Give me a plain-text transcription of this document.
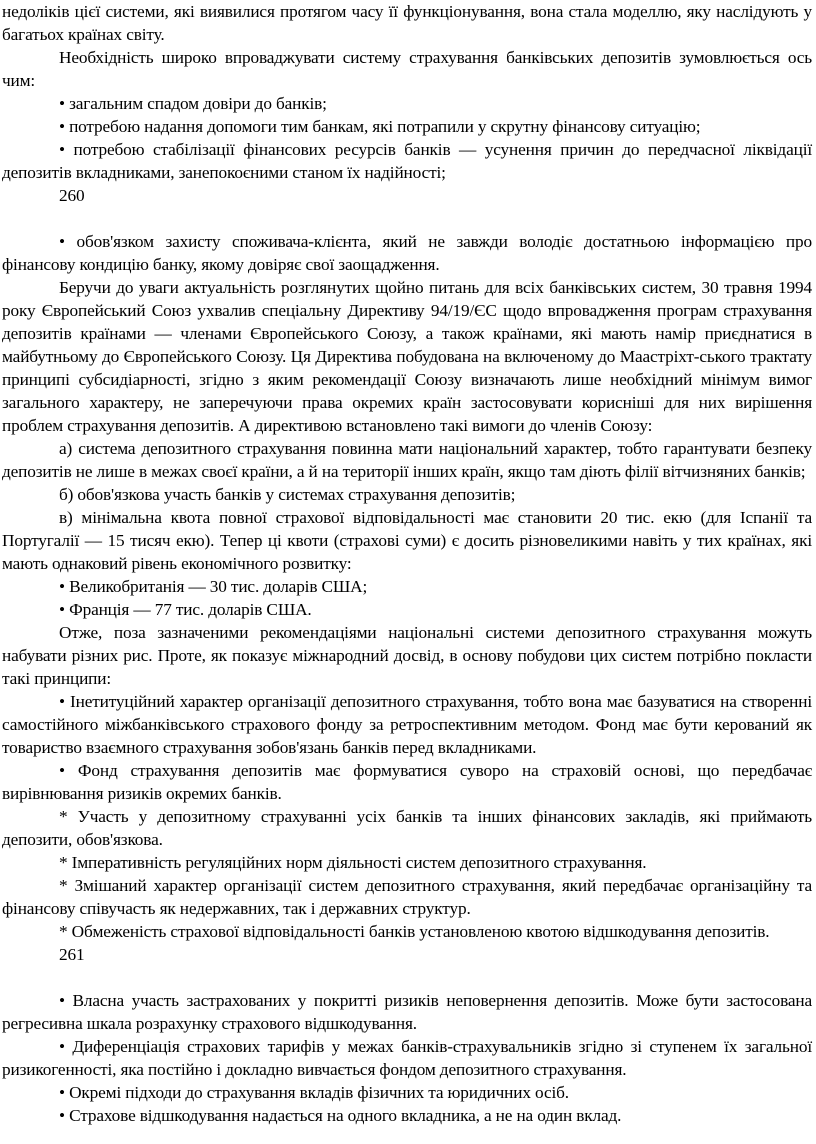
недоліків цієї системи, які виявилися протягом часу її функціонування, вона стала моделлю, яку наслідують у багатьох країнах світу.

Необхідність широко впроваджувати систему страхування банківських депозитів зумовлюється ось чим:

• загальним спадом довіри до банків;

• потребою надання допомоги тим банкам, які потрапили у скрутну фінансову ситуацію;

• потребою стабілізації фінансових ресурсів банків — усунення причин до передчасної ліквідації депозитів вкладниками, занепокоєними станом їх надійності;

260

• обов'язком захисту споживача-клієнта, який не завжди володіє достатньою інформацією про фінансову кондицію банку, якому довіряє свої заощадження.

Беручи до уваги актуальність розглянутих щойно питань для всіх банківських систем, 30 травня 1994 року Європейський Союз ухвалив спеціальну Директиву 94/19/ЄС щодо впровадження програм страхування депозитів країнами — членами Європейського Союзу, а також країнами, які мають намір приєднатися в майбутньому до Європейського Союзу. Ця Директива побудована на включеному до Маастріхт-ського трактату принципі субсидіарності, згідно з яким рекомендації Союзу визначають лише необхідний мінімум вимог загального характеру, не заперечуючи права окремих країн застосовувати корисніші для них вирішення проблем страхування депозитів. А директивою встановлено такі вимоги до членів Союзу:

а) система депозитного страхування повинна мати національний характер, тобто гарантувати безпеку депозитів не лише в межах своєї країни, а й на території інших країн, якщо там діють філії вітчизняних банків;

б) обов'язкова участь банків у системах страхування депозитів;

в) мінімальна квота повної страхової відповідальності має становити 20 тис. екю (для Іспанії та Португалії — 15 тисяч екю). Тепер ці квоти (страхові суми) є досить різновеликими навіть у тих країнах, які мають однаковий рівень економічного розвитку:

• Великобританія — 30 тис. доларів США;

• Франція — 77 тис. доларів США.

Отже, поза зазначеними рекомендаціями національні системи депозитного страхування можуть набувати різних рис. Проте, як показує міжнародний досвід, в основу побудови цих систем потрібно покласти такі принципи:

• Інетитуційний характер організації депозитного страхування, тобто вона має базуватися на створенні самостійного міжбанківського страхового фонду за ретроспективним методом. Фонд має бути керований як товариство взаємного страхування зобов'язань банків перед вкладниками.

• Фонд страхування депозитів має формуватися суворо на страховій основі, що передбачає вирівнювання ризиків окремих банків.

* Участь у депозитному страхуванні усіх банків та інших фінансових закладів, які приймають депозити, обов'язкова.

* Імперативність регуляційних норм діяльності систем депозитного страхування.

* Змішаний характер організації систем депозитного страхування, який передбачає організаційну та фінансову співучасть як недержавних, так і державних структур.

* Обмеженість страхової відповідальності банків установленою квотою відшкодування депозитів.

261

• Власна участь застрахованих у покритті ризиків неповернення депозитів. Може бути застосована регресивна шкала розрахунку страхового відшкодування.

• Диференціація страхових тарифів у межах банків-страхувальників згідно зі ступенем їх загальної ризикогенності, яка постійно і докладно вивчається фондом депозитного страхування.

• Окремі підходи до страхування вкладів фізичних та юридичних осіб.

• Страхове відшкодування надається на одного вкладника, а не на один вклад.
